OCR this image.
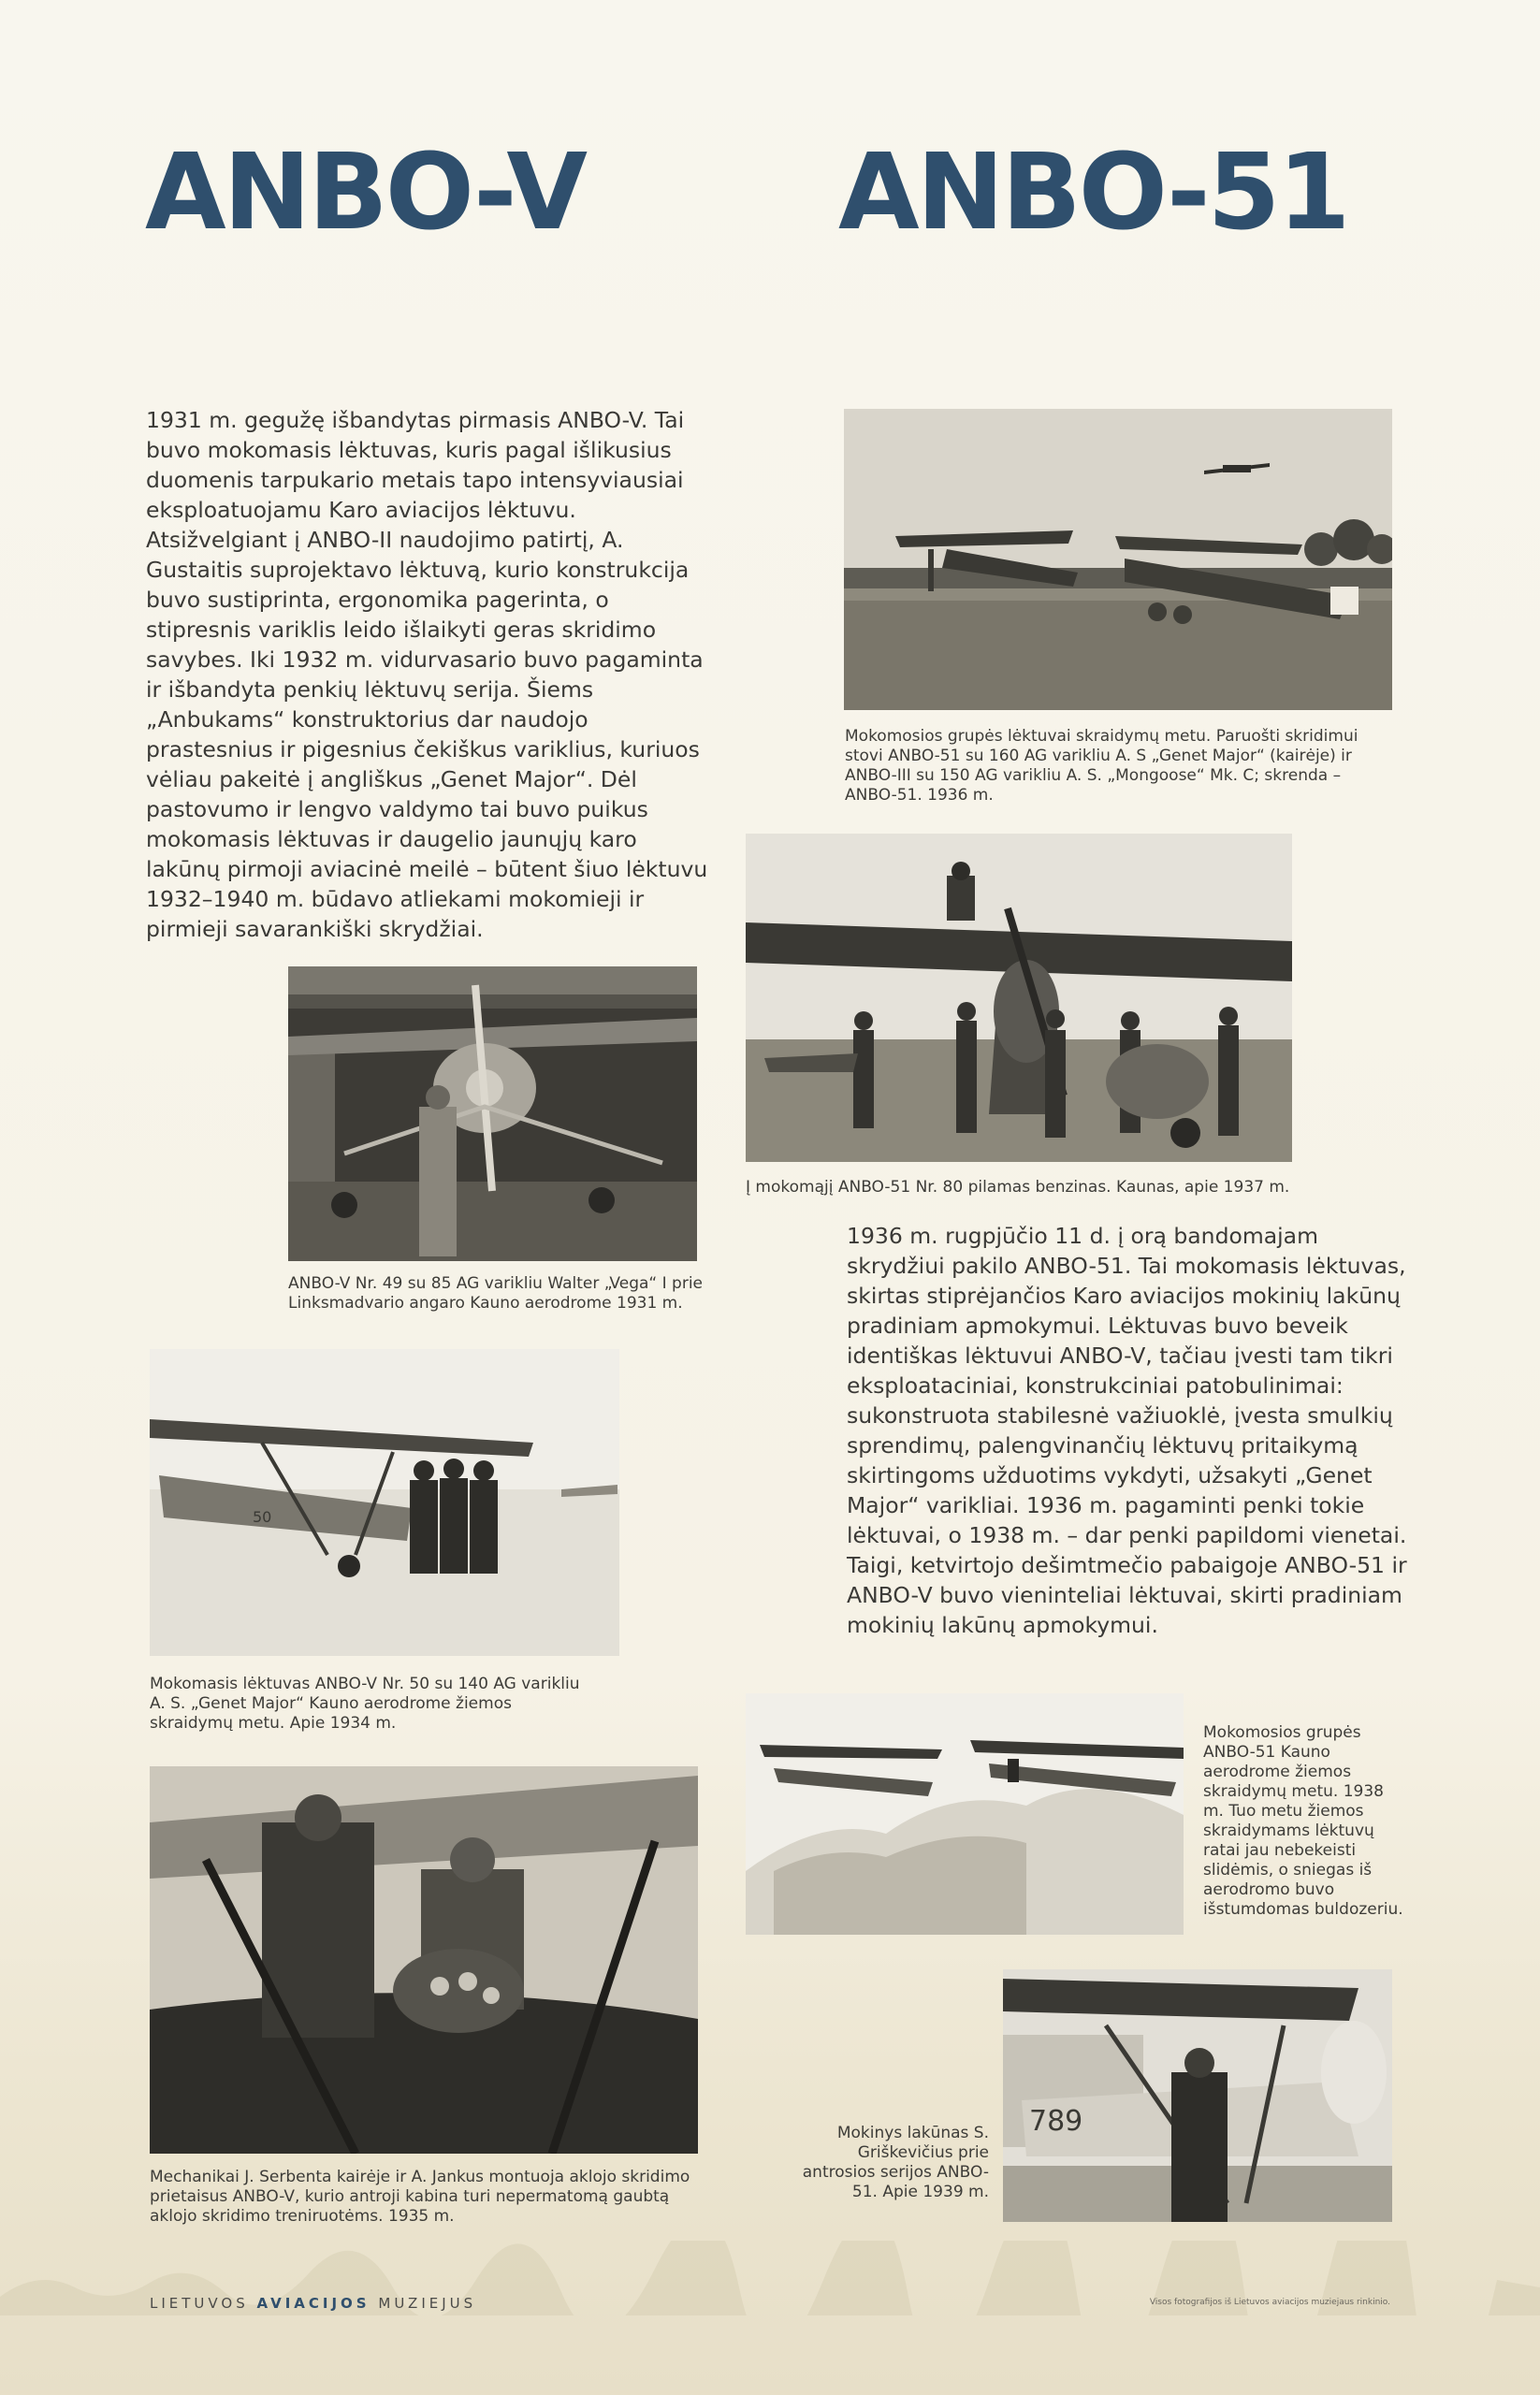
ANBO-V ANBO-51

1931 m. gegužę išbandytas pirmasis ANBO-V. Tai buvo mokomasis lėktuvas, kuris pagal išlikusius duomenis tarpukario metais tapo intensyviausiai eksploatuojamu Karo aviacijos lėktuvu. Atsižvelgiant į ANBO-II naudojimo patirtį, A. Gustaitis suprojektavo lėktuvą, kurio konstrukcija buvo sustiprinta, ergonomika pagerinta, o stipresnis variklis leido išlaikyti geras skridimo savybes. Iki 1932 m. vidurvasario buvo pagaminta ir išbandyta penkių lėktuvų serija. Šiems „Anbukams“ konstruktorius dar naudojo prastesnius ir pigesnius čekiškus variklius, kuriuos vėliau pakeitė į angliškus „Genet Major“. Dėl pastovumo ir lengvo valdymo tai buvo puikus mokomasis lėktuvas ir daugelio jaunųjų karo lakūnų pirmoji aviacinė meilė – būtent šiuo lėktuvu 1932–1940 m. būdavo atliekami mokomieji ir pirmieji savarankiški skrydžiai.

Mokomosios grupės lėktuvai skraidymų metu. Paruošti skridimui stovi ANBO-51 su 160 AG varikliu A. S „Genet Major“ (kairėje) ir ANBO-III su 150 AG varikliu A. S. „Mongoose“ Mk. C; skrenda – ANBO-51. 1936 m.

Į mokomąjį ANBO-51 Nr. 80 pilamas benzinas. Kaunas, apie 1937 m.

ANBO-V Nr. 49 su 85 AG varikliu Walter „Vega“ I prie Linksmadvario angaro Kauno aerodrome 1931 m.

50

Mokomasis lėktuvas ANBO-V Nr. 50 su 140 AG varikliu A. S. „Genet Major“ Kauno aerodrome žiemos skraidymų metu. Apie 1934 m.

Mechanikai J. Serbenta kairėje ir A. Jankus montuoja aklojo skridimo prietaisus ANBO-V, kurio antroji kabina turi nepermatomą gaubtą aklojo skridimo treniruotėms. 1935 m.

1936 m. rugpjūčio 11 d. į orą bandomajam skrydžiui pakilo ANBO-51. Tai mokomasis lėktuvas, skirtas stiprėjančios Karo aviacijos mokinių lakūnų pradiniam apmokymui. Lėktuvas buvo beveik identiškas lėktuvui ANBO-V, tačiau įvesti tam tikri eksploataciniai, konstrukciniai patobulinimai: sukonstruota stabilesnė važiuoklė, įvesta smulkių sprendimų, palengvinančių lėktuvų pritaikymą skirtingoms užduotims vykdyti, užsakyti „Genet Major“ varikliai. 1936 m. pagaminti penki tokie lėktuvai, o 1938 m. – dar penki papildomi vienetai. Taigi, ketvirtojo dešimtmečio pabaigoje ANBO-51 ir ANBO-V buvo vieninteliai lėktuvai, skirti pradiniam mokinių lakūnų apmokymui.

Mokomosios grupės ANBO-51 Kauno aerodrome žiemos skraidymų metu. 1938 m. Tuo metu žiemos skraidymams lėktuvų ratai jau nebekeisti slidėmis, o sniegas iš aerodromo buvo išstumdomas buldozeriu.

789

Mokinys lakūnas S. Griškevičius prie antrosios serijos ANBO-51. Apie 1939 m.

LIETUVOS AVIACIJOS MUZIEJUS	Visos fotografijos iš Lietuvos aviacijos muziejaus rinkinio.
